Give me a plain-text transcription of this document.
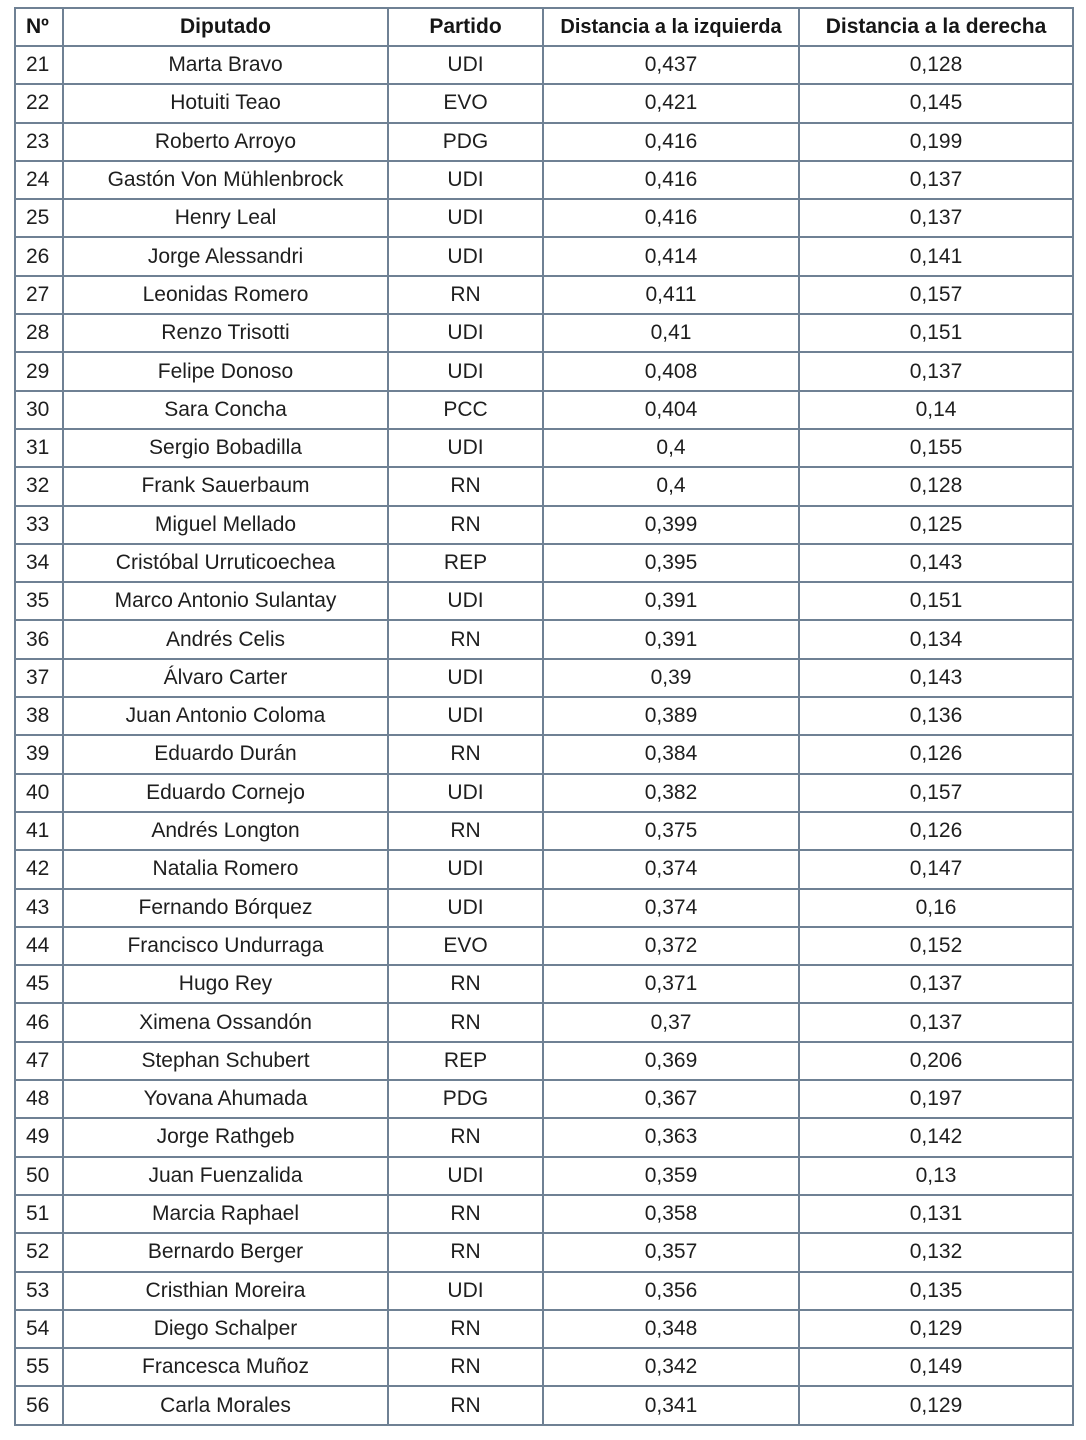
Nº	Diputado	Partido	Distancia a la izquierda	Distancia a la derecha
21	Marta Bravo	UDI	0,437	0,128
22	Hotuiti Teao	EVO	0,421	0,145
23	Roberto Arroyo	PDG	0,416	0,199
24	Gastón Von Mühlenbrock	UDI	0,416	0,137
25	Henry Leal	UDI	0,416	0,137
26	Jorge Alessandri	UDI	0,414	0,141
27	Leonidas Romero	RN	0,411	0,157
28	Renzo Trisotti	UDI	0,41	0,151
29	Felipe Donoso	UDI	0,408	0,137
30	Sara Concha	PCC	0,404	0,14
31	Sergio Bobadilla	UDI	0,4	0,155
32	Frank Sauerbaum	RN	0,4	0,128
33	Miguel Mellado	RN	0,399	0,125
34	Cristóbal Urruticoechea	REP	0,395	0,143
35	Marco Antonio Sulantay	UDI	0,391	0,151
36	Andrés Celis	RN	0,391	0,134
37	Álvaro Carter	UDI	0,39	0,143
38	Juan Antonio Coloma	UDI	0,389	0,136
39	Eduardo Durán	RN	0,384	0,126
40	Eduardo Cornejo	UDI	0,382	0,157
41	Andrés Longton	RN	0,375	0,126
42	Natalia Romero	UDI	0,374	0,147
43	Fernando Bórquez	UDI	0,374	0,16
44	Francisco Undurraga	EVO	0,372	0,152
45	Hugo Rey	RN	0,371	0,137
46	Ximena Ossandón	RN	0,37	0,137
47	Stephan Schubert	REP	0,369	0,206
48	Yovana Ahumada	PDG	0,367	0,197
49	Jorge Rathgeb	RN	0,363	0,142
50	Juan Fuenzalida	UDI	0,359	0,13
51	Marcia Raphael	RN	0,358	0,131
52	Bernardo Berger	RN	0,357	0,132
53	Cristhian Moreira	UDI	0,356	0,135
54	Diego Schalper	RN	0,348	0,129
55	Francesca Muñoz	RN	0,342	0,149
56	Carla Morales	RN	0,341	0,129
